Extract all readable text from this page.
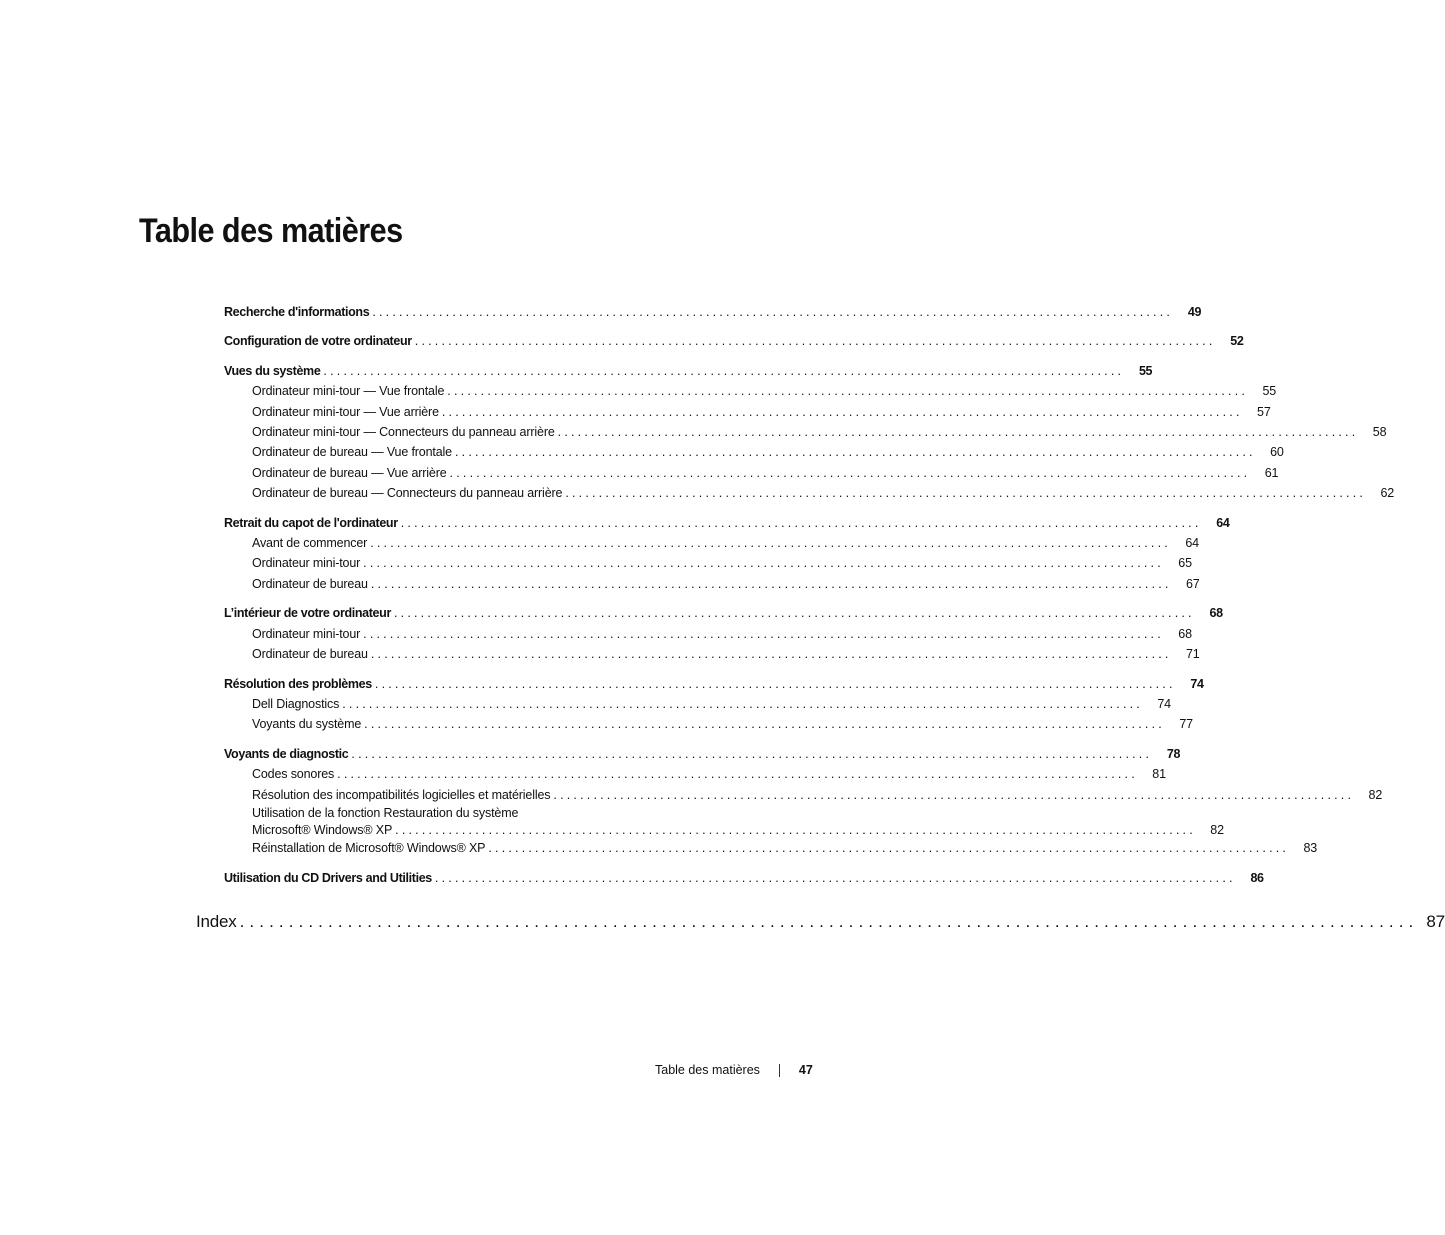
Table des matières
Recherche d'informations ........................................................................................................................	49
Configuration de votre ordinateur ........................................................................................................................	52
Vues du système ........................................................................................................................	55
Ordinateur mini-tour — Vue frontale ........................................................................................................................	55
Ordinateur mini-tour — Vue arrière ........................................................................................................................	57
Ordinateur mini-tour — Connecteurs du panneau arrière ........................................................................................................................	58
Ordinateur de bureau — Vue frontale ........................................................................................................................	60
Ordinateur de bureau — Vue arrière ........................................................................................................................	61
Ordinateur de bureau — Connecteurs du panneau arrière ........................................................................................................................	62
Retrait du capot de l'ordinateur ........................................................................................................................	64
Avant de commencer ........................................................................................................................	64
Ordinateur mini-tour ........................................................................................................................	65
Ordinateur de bureau ........................................................................................................................	67
L’intérieur de votre ordinateur ........................................................................................................................	68
Ordinateur mini-tour ........................................................................................................................	68
Ordinateur de bureau ........................................................................................................................	71
Résolution des problèmes ........................................................................................................................	74
Dell Diagnostics ........................................................................................................................	74
Voyants du système ........................................................................................................................	77
Voyants de diagnostic ........................................................................................................................	78
Codes sonores ........................................................................................................................	81
Résolution des incompatibilités logicielles et matérielles ........................................................................................................................	82
Utilisation de la fonction Restauration du système
Microsoft® Windows® XP ........................................................................................................................	82
Réinstallation de Microsoft® Windows® XP ........................................................................................................................	83
Utilisation du CD Drivers and Utilities ........................................................................................................................	86
Index ........................................................................................................................ 87
Table des matières	47
